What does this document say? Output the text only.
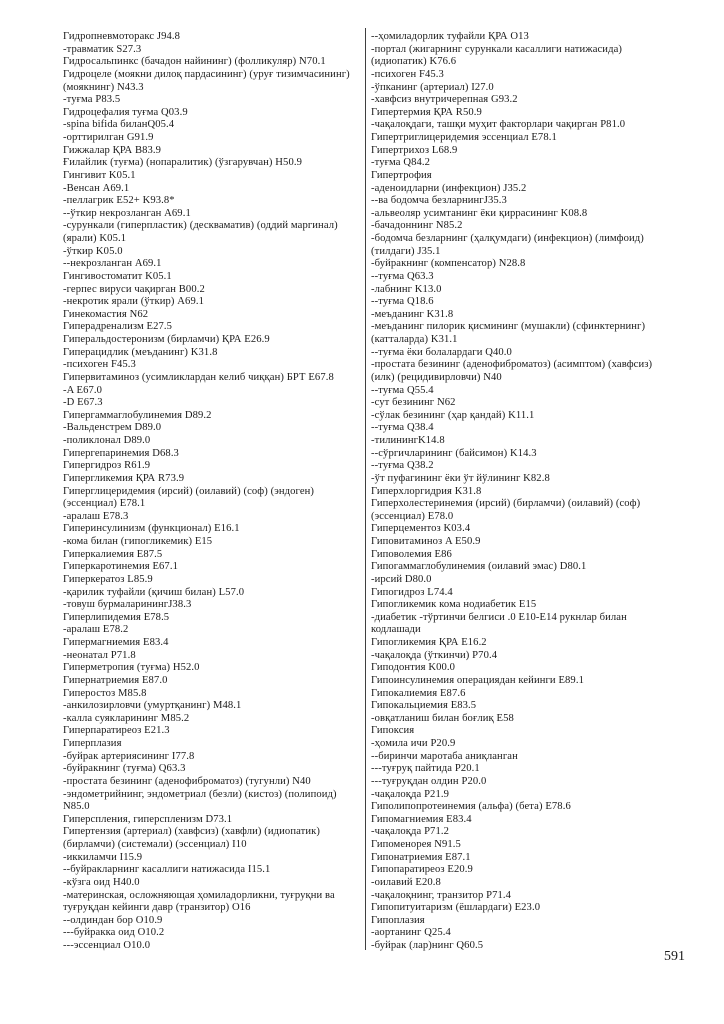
Гидропневмоторакс J94.8
-травматик S27.3
Гидросальпинкс (бачадон найининг) (фолликуляр) N70.1
Гидроцеле (моякни дилоқ пардасининг) (уруғ тизимчасининг)
(моякнинг) N43.3
-туғма P83.5
Гидроцефалия туғма Q03.9
-spina bifida биланQ05.4
-орттирилган G91.9
Гижжалар ҚРА B83.9
Ғилайлик (туғма) (нопаралитик) (ўзгарувчан) H50.9
Гингивит K05.1
-Венсан A69.1
-пеллагрик E52+ K93.8*
--ўткир некрозланган A69.1
-сурункали (гиперпластик) (дескваматив) (оддий маргинал)
(ярали) K05.1
-ўткир K05.0
--некрозланган A69.1
Гингивостоматит K05.1
-герпес вируси чақирган B00.2
-некротик ярали (ўткир) A69.1
Гинекомастия N62
Гиперадренализм E27.5
Гиперальдостеронизм (бирламчи) ҚРА E26.9
Гиперацидлик (меъданинг) K31.8
-психоген F45.3
Гипервитаминоз (усимликлардан келиб чиққан) БРТ E67.8
-A E67.0
-D E67.3
Гипергаммаглобулинемия D89.2
-Вальденстрем D89.0
-поликлонал D89.0
Гипергепаринемия D68.3
Гипергидроз R61.9
Гипергликемия ҚРА R73.9
Гиперглицеридемия (ирсий) (оилавий) (соф) (эндоген)
(эссенциал) E78.1
-аралаш E78.3
Гиперинсулинизм (функционал) E16.1
-кома билан (гипогликемик) E15
Гиперкалиемия E87.5
Гиперкаротинемия E67.1
Гиперкератоз L85.9
-қарилик туфайли (қичиш билан) L57.0
-товуш бурмаларинингJ38.3
Гиперлипидемия E78.5
-аралаш E78.2
Гипермагниемия E83.4
-неонатал P71.8
Гиперметропия (туғма) H52.0
Гипернатриемия E87.0
Гиперостоз M85.8
-анкилозирловчи (умуртқанинг) M48.1
-калла суякларининг M85.2
Гиперпаратиреоз E21.3
Гиперплазия
-буйрак артериясининг I77.8
-буйракнинг (туғма) Q63.3
-простата безининг (аденофиброматоз) (тугунли) N40
-эндометрийнинг, эндометриал (безли) (кистоз) (полипоид)
N85.0
Гиперспления, гиперспленизм D73.1
Гипертензия (артериал) (хавфсиз) (хавфли) (идиопатик)
(бирламчи) (системали) (эссенциал) I10
-иккиламчи I15.9
--буйракларнинг касаллиги натижасида I15.1
-кўзга оид H40.0
-материнская, осложняющая ҳомиладорликни, туғруқни ва
туғруқдан кейинги давр (транзитор) O16
--олдиндан бор O10.9
---буйракка оид O10.2
---эссенциал O10.0
--ҳомиладорлик туфайли ҚРА O13
-портал (жигарнинг сурункали касаллиги натижасида)
(идиопатик) K76.6
-психоген F45.3
-ўпканинг (артериал) I27.0
-хавфсиз внутричерепная G93.2
Гипертермия ҚРА R50.9
-чақалоқдаги, ташқи муҳит факторлари чақирган P81.0
Гипертриглицеридемия эссенциал E78.1
Гипертрихоз L68.9
-туғма Q84.2
Гипертрофия
-аденоидларни (инфекцион) J35.2
--ва бодомча безларнингJ35.3
-альвеоляр усимтанинг ёки қиррасининг K08.8
-бачадоннинг N85.2
-бодомча безларнинг (ҳалқумдаги) (инфекцион) (лимфоид)
(тилдаги) J35.1
-буйракнинг (компенсатор) N28.8
--туғма Q63.3
-лабнинг K13.0
--туғма Q18.6
-меъданинг K31.8
-меъданинг пилорик қисмининг (мушакли) (сфинктернинг)
(катталарда) K31.1
--туғма ёки болалардаги Q40.0
-простата безининг (аденофиброматоз) (асимптом) (хавфсиз)
(илк) (рецидивирловчи) N40
--туғма Q55.4
-сут безининг N62
-сўлак безининг (ҳар қандай) K11.1
--туғма Q38.4
-тилинингK14.8
--сўргичларининг (байсимон) K14.3
--туғма Q38.2
-ўт пуфагининг ёки ўт йўлининг K82.8
Гиперхлоргидрия K31.8
Гиперхолестеринемия (ирсий) (бирламчи) (оилавий) (соф)
(эссенциал) E78.0
Гиперцементоз K03.4
Гиповитаминоз A E50.9
Гиповолемия E86
Гипогаммаглобулинемия (оилавий эмас) D80.1
-ирсий D80.0
Гипогидроз L74.4
Гипогликемик кома нодиабетик E15
-диабетик -тўртинчи белгиси .0 E10-E14 рукнлар билан
кодлашади
Гипогликемия ҚРА E16.2
-чақалоқда (ўткинчи) P70.4
Гиподонтия K00.0
Гипоинсулинемия операциядан кейинги E89.1
Гипокалиемия E87.6
Гипокальциемия E83.5
-овқатланиш билан боғлиқ E58
Гипоксия
-ҳомила ичи P20.9
--биринчи маротаба аниқланган
---туғруқ пайтида P20.1
---туғруқдан олдин P20.0
-чақалоқда P21.9
Гиполипопротеинемия (альфа) (бета) E78.6
Гипомагниемия E83.4
-чақалоқда P71.2
Гипоменорея N91.5
Гипонатриемия E87.1
Гипопаратиреоз E20.9
-оилавий E20.8
-чақалоқнинг, транзитор P71.4
Гипопитуитаризм (ёшлардаги) E23.0
Гипоплазия
-аортанинг Q25.4
-буйрак (лар)нинг Q60.5
591
